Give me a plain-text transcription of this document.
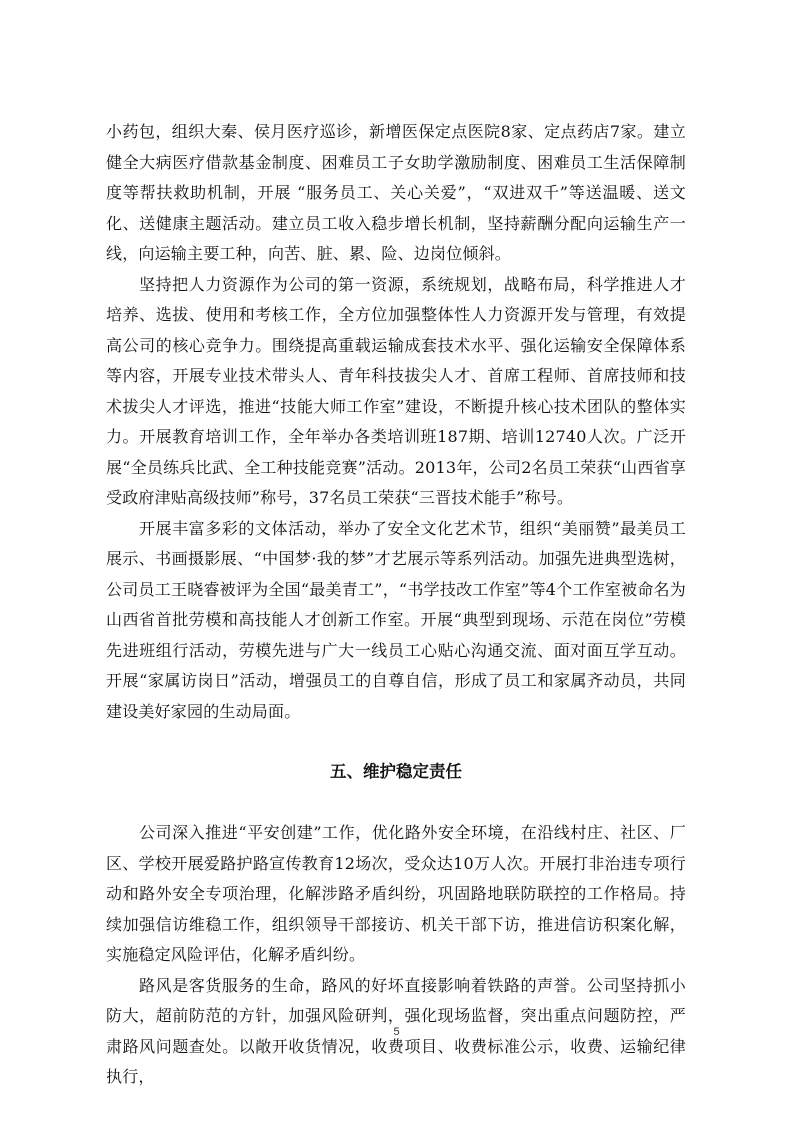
小药包，组织大秦、侯月医疗巡诊，新增医保定点医院8家、定点药店7家。建立健全大病医疗借款基金制度、困难员工子女助学激励制度、困难员工生活保障制度等帮扶救助机制，开展 “服务员工、关心关爱”，“双进双千”等送温暖、送文化、送健康主题活动。建立员工收入稳步增长机制，坚持薪酬分配向运输生产一线，向运输主要工种，向苦、脏、累、险、边岗位倾斜。

坚持把人力资源作为公司的第一资源，系统规划，战略布局，科学推进人才培养、选拔、使用和考核工作，全方位加强整体性人力资源开发与管理，有效提高公司的核心竞争力。围绕提高重载运输成套技术水平、强化运输安全保障体系等内容，开展专业技术带头人、青年科技拔尖人才、首席工程师、首席技师和技术拔尖人才评选，推进“技能大师工作室”建设，不断提升核心技术团队的整体实力。开展教育培训工作，全年举办各类培训班187期、培训12740人次。广泛开展“全员练兵比武、全工种技能竞赛”活动。2013年，公司2名员工荣获“山西省享受政府津贴高级技师”称号，37名员工荣获“三晋技术能手”称号。

开展丰富多彩的文体活动，举办了安全文化艺术节，组织“美丽赞”最美员工展示、书画摄影展、“中国梦·我的梦”才艺展示等系列活动。加强先进典型选树，公司员工王晓睿被评为全国“最美青工”，“书学技改工作室”等4个工作室被命名为山西省首批劳模和高技能人才创新工作室。开展“典型到现场、示范在岗位”劳模先进班组行活动，劳模先进与广大一线员工心贴心沟通交流、面对面互学互动。开展“家属访岗日”活动，增强员工的自尊自信，形成了员工和家属齐动员，共同建设美好家园的生动局面。

五、维护稳定责任

公司深入推进“平安创建”工作，优化路外安全环境，在沿线村庄、社区、厂区、学校开展爱路护路宣传教育12场次，受众达10万人次。开展打非治违专项行动和路外安全专项治理，化解涉路矛盾纠纷，巩固路地联防联控的工作格局。持续加强信访维稳工作，组织领导干部接访、机关干部下访，推进信访积案化解，实施稳定风险评估，化解矛盾纠纷。

路风是客货服务的生命，路风的好坏直接影响着铁路的声誉。公司坚持抓小防大，超前防范的方针，加强风险研判，强化现场监督，突出重点问题防控，严肃路风问题查处。以敞开收货情况，收费项目、收费标准公示，收费、运输纪律执行，

5
